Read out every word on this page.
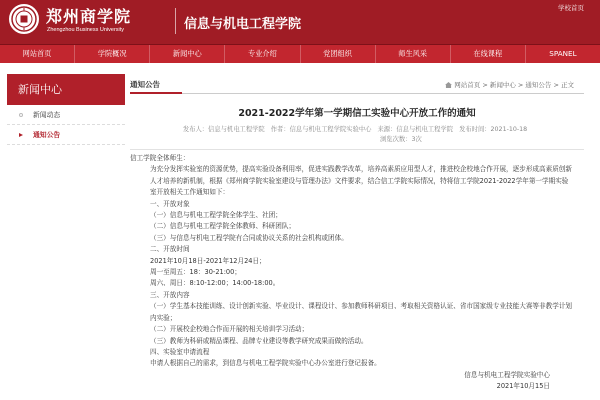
郑州商学院
Zhengzhou Business University	信息与机电工程学院
学校首页
网站首页	学院概况	新闻中心	专业介绍	党团组织	师生风采	在线课程	SPANEL
新闻中心
新闻动态
通知公告
通知公告	网站首页 > 新闻中心 > 通知公告 > 正文
2021-2022学年第一学期信工实验中心开放工作的通知
发布人：信息与机电工程学院 作者：信息与机电工程学院实验中心 来源：信息与机电工程学院 发布时间：2021-10-18
浏览次数：3次

信工学院全体师生：

为充分发挥实验室的资源优势，提高实验设备利用率，促进实践教学改革，培养高素质应用型人才，推进校企校地合作开展，逐步形成高素质创新人才培养的新机制，根据《郑州商学院实验室建设与管理办法》文件要求，结合信工学院实际情况，特将信工学院2021-2022学年第一学期实验室开放相关工作通知如下：

一、开放对象

（一）信息与机电工程学院全体学生、社团；

（二）信息与机电工程学院全体教师、科研团队；

（三）与信息与机电工程学院有合同或协议关系的社会机构或团体。

二、开放时间

2021年10月18日-2021年12月24日；

周一至周五：18：30-21:00；

周六、周日：8:10-12:00；14:00-18:00。

三、开放内容

（一）学生基本技能训练、设计创新实验、毕业设计、课程设计、参加教师科研项目、考取相关资格认证、省市国家级专业技能大赛等非教学计划内实验；

（二）开展校企校地合作而开展的相关培训学习活动；

（三）教师为科研或精品课程、品牌专业建设等教学研究成果而做的活动。

四、实验室申请流程

申请人根据自己的需求，到信息与机电工程学院实验中心办公室进行登记报备。

信息与机电工程学院实验中心

2021年10月15日
